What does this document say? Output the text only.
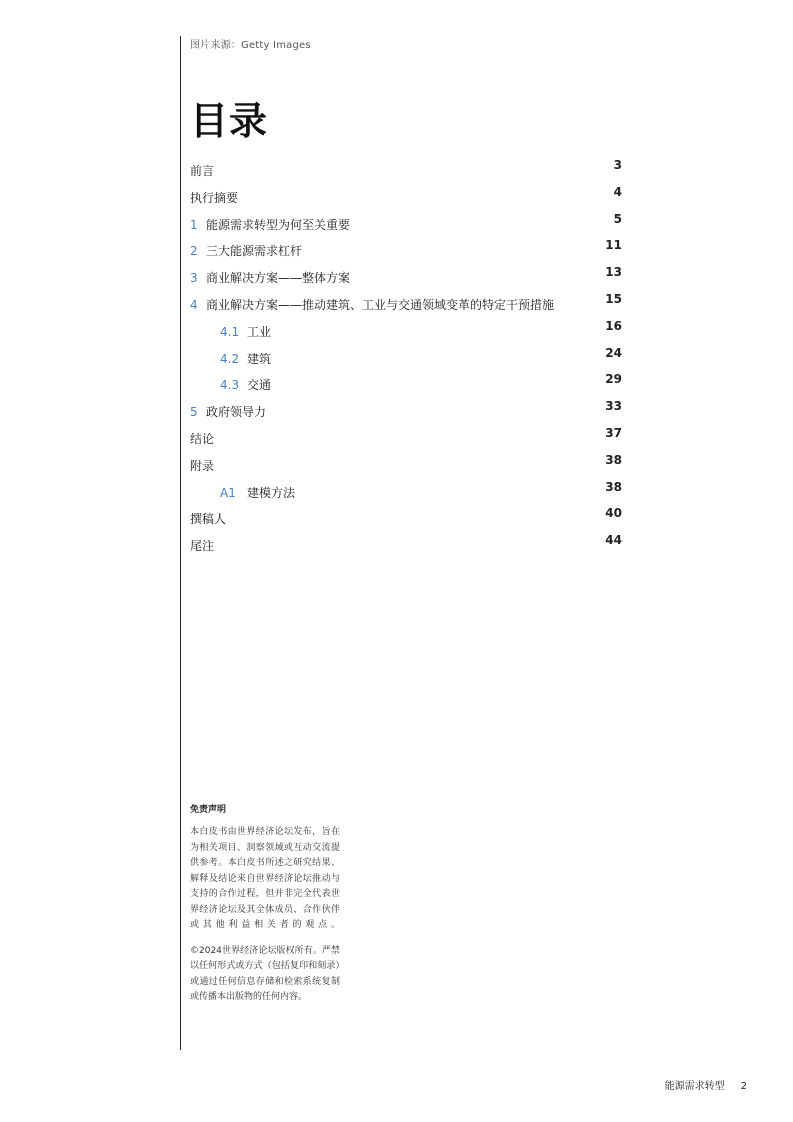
图片来源：Getty Images
目录
前言	3
执行摘要	4
1 能源需求转型为何至关重要	5
2 三大能源需求杠杆	11
3 商业解决方案——整体方案	13
4 商业解决方案——推动建筑、工业与交通领域变革的特定干预措施	15
4.1 工业	16
4.2 建筑	24
4.3 交通	29
5 政府领导力	33
结论	37
附录	38
A1 建模方法	38
撰稿人	40
尾注	44
免责声明
本白皮书由世界经济论坛发布，旨在为相关项目、洞察领域或互动交流提供参考。本白皮书所述之研究结果、解释及结论来自世界经济论坛推动与支持的合作过程，但并非完全代表世界经济论坛及其全体成员、合作伙伴或其他利益相关者的观点。
©2024世界经济论坛版权所有。严禁以任何形式或方式（包括复印和刻录）或通过任何信息存储和检索系统复制或传播本出版物的任何内容。
能源需求转型 2
